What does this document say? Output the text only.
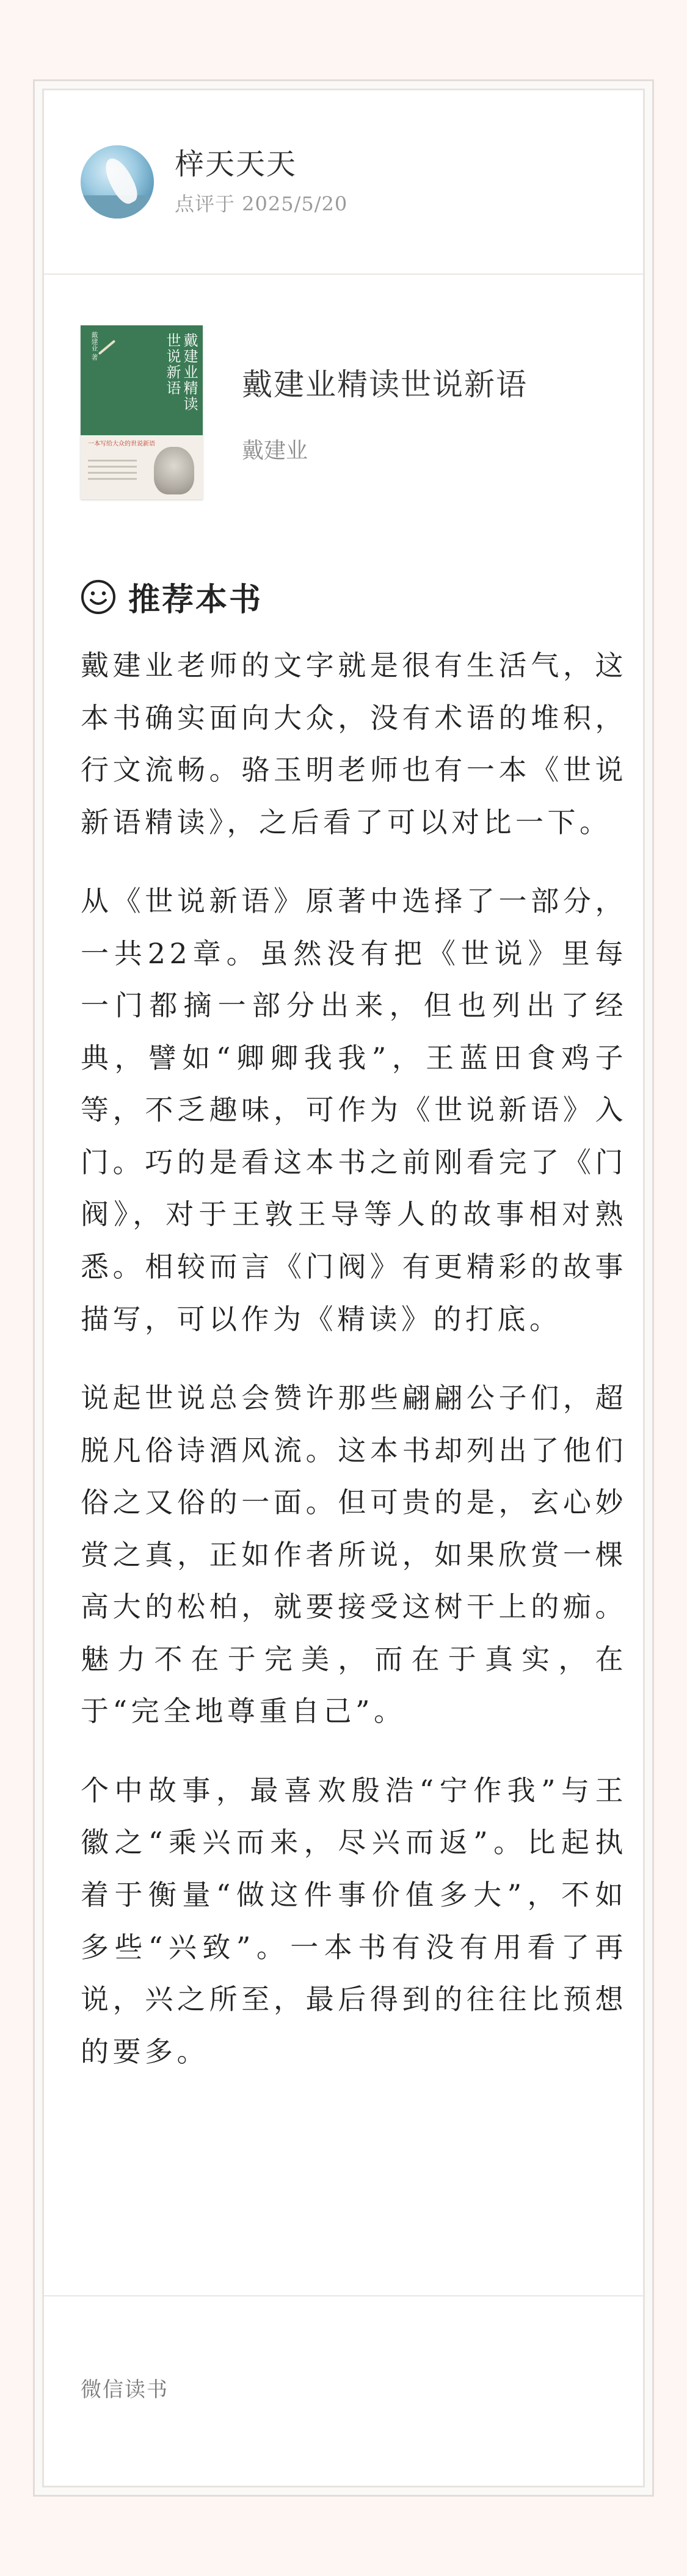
梓天天天
点评于 2025/5/20
戴建业精读
世说新语
戴建业 著
一本写给大众的世说新语
戴建业精读世说新语
戴建业
推荐本书

戴建业老师的文字就是很有生活气，这本书确实面向大众，没有术语的堆积，行文流畅。骆玉明老师也有一本《世说新语精读》，之后看了可以对比一下。

从《世说新语》原著中选择了一部分，一共22章。虽然没有把《世说》里每一门都摘一部分出来，但也列出了经典，譬如“卿卿我我”，王蓝田食鸡子等，不乏趣味，可作为《世说新语》入门。巧的是看这本书之前刚看完了《门阀》，对于王敦王导等人的故事相对熟悉。相较而言《门阀》有更精彩的故事描写，可以作为《精读》的打底。

说起世说总会赞许那些翩翩公子们，超脱凡俗诗酒风流。这本书却列出了他们俗之又俗的一面。但可贵的是，玄心妙赏之真，正如作者所说，如果欣赏一棵高大的松柏，就要接受这树干上的痂。魅力不在于完美，而在于真实，在于“完全地尊重自己”。

个中故事，最喜欢殷浩“宁作我”与王徽之“乘兴而来，尽兴而返”。比起执着于衡量“做这件事价值多大”，不如多些“兴致”。一本书有没有用看了再说，兴之所至，最后得到的往往比预想的要多。

微信读书
